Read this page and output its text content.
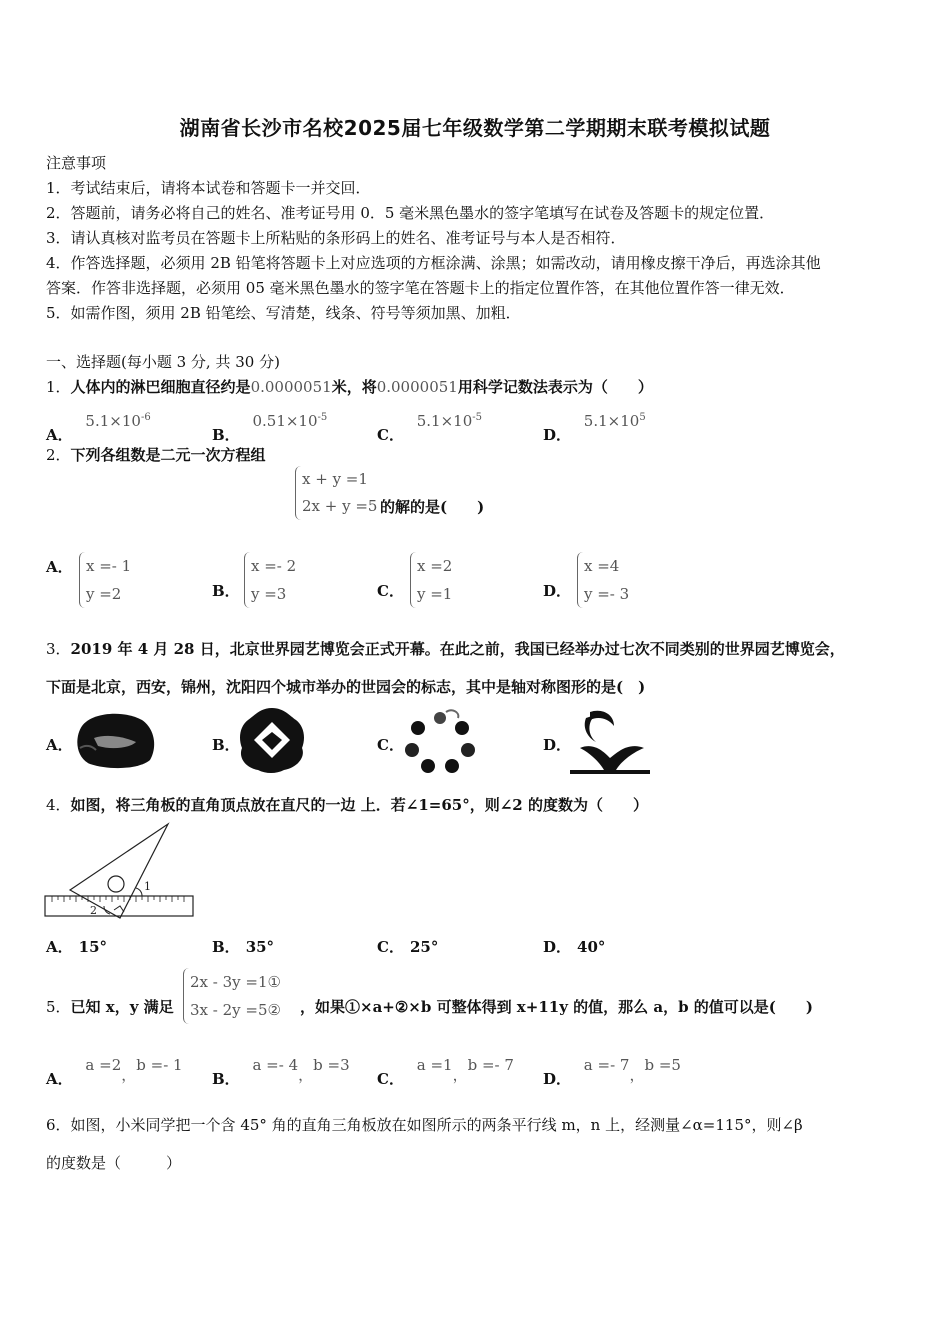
湖南省长沙市名校2025届七年级数学第二学期期末联考模拟试题
注意事项
1．考试结束后，请将本试卷和答题卡一并交回．
2．答题前，请务必将自己的姓名、准考证号用 0．5 毫米黑色墨水的签字笔填写在试卷及答题卡的规定位置．
3．请认真核对监考员在答题卡上所粘贴的条形码上的姓名、准考证号与本人是否相符．
4．作答选择题，必须用 2B 铅笔将答题卡上对应选项的方框涂满、涂黑；如需改动，请用橡皮擦干净后，再选涂其他
答案．作答非选择题，必须用 05 毫米黑色墨水的签字笔在答题卡上的指定位置作答，在其他位置作答一律无效．
5．如需作图，须用 2B 铅笔绘、写清楚，线条、符号等须加黑、加粗．
一、选择题(每小题 3 分, 共 30 分)
1．人体内的淋巴细胞直径约是0.0000051米，将0.0000051用科学记数法表示为（　　）
A． $5.1\times 10^{-6}$
B． $0.51\times 10^{-5}$
C． $5.1\times 10^{-5}$
D． $5.1\times 10^5$
2．下列各组数是二元一次方程组
x + y =1
2x + y =5 的解的是(　　)
A． x =- 1
y =2	B．
x =- 2
y =3	C．
x =2
y =1	D．
x =4
y =- 3
3．2019 年 4 月 28 日，北京世界园艺博览会正式开幕。在此之前，我国已经举办过七次不同类别的世界园艺博览会，
下面是北京，西安，锦州，沈阳四个城市举办的世园会的标志，其中是轴对称图形的是(　)
A．	B．	C．	D．
4．如图，将三角板的直角顶点放在直尺的一边 上．若∠1=65°，则∠2 的度数为（　　）
1
2
A． 15°	B． 35°	C． 25°	D． 40°
5．已知 x，y 满足
2x - 3y =1①
3x - 2y =5② ，如果①×a+②×b 可整体得到 x+11y 的值，那么 a，b 的值可以是(　　)
A． a =2，b =- 1
B． a =- 4，b =3
C． a =1，b =- 7
D． a =- 7，b =5
6．如图，小米同学把一个含 45° 角的直角三角板放在如图所示的两条平行线 m，n 上，经测量∠α=115°，则∠β
的度数是（　　　）
